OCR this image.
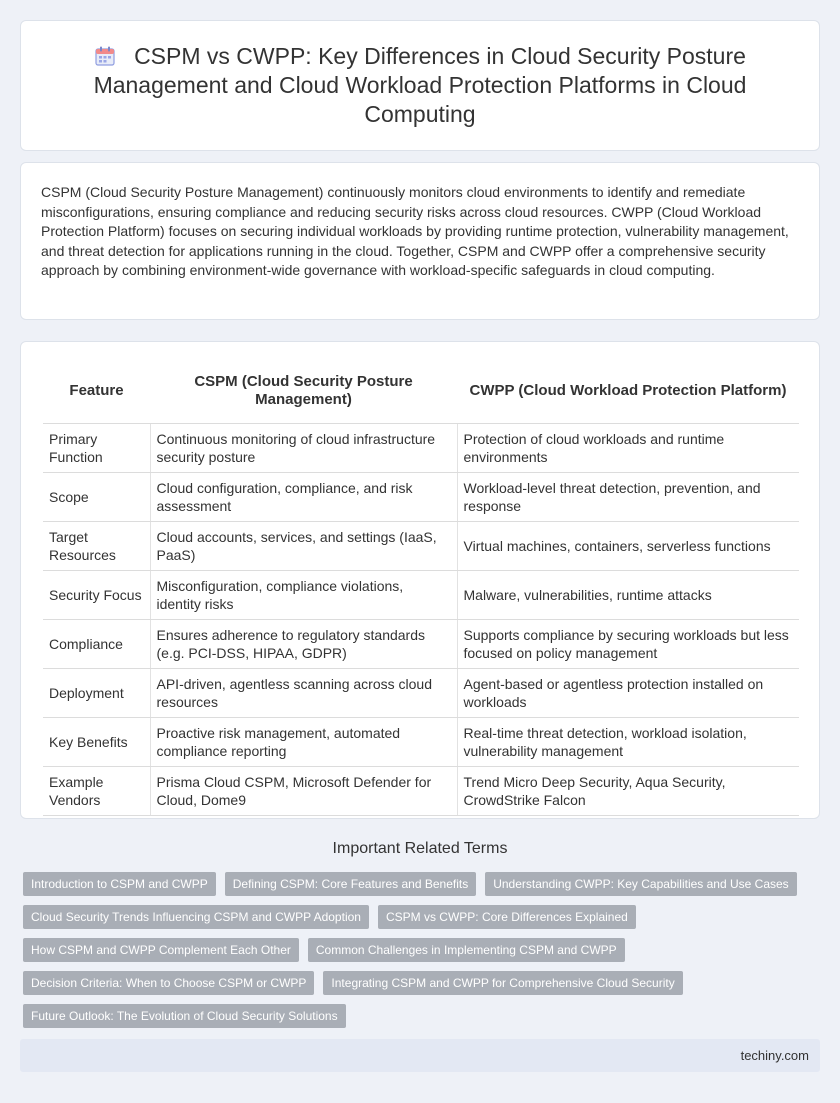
CSPM vs CWPP: Key Differences in Cloud Security Posture Management and Cloud Workload Protection Platforms in Cloud Computing

CSPM (Cloud Security Posture Management) continuously monitors cloud environments to identify and remediate misconfigurations, ensuring compliance and reducing security risks across cloud resources. CWPP (Cloud Workload Protection Platform) focuses on securing individual workloads by providing runtime protection, vulnerability management, and threat detection for applications running in the cloud. Together, CSPM and CWPP offer a comprehensive security approach by combining environment-wide governance with workload-specific safeguards in cloud computing.

Feature	CSPM (Cloud Security Posture Management)	CWPP (Cloud Workload Protection Platform)
Primary Function	Continuous monitoring of cloud infrastructure security posture	Protection of cloud workloads and runtime environments
Scope	Cloud configuration, compliance, and risk assessment	Workload-level threat detection, prevention, and response
Target Resources	Cloud accounts, services, and settings (IaaS, PaaS)	Virtual machines, containers, serverless functions
Security Focus	Misconfiguration, compliance violations, identity risks	Malware, vulnerabilities, runtime attacks
Compliance	Ensures adherence to regulatory standards (e.g. PCI-DSS, HIPAA, GDPR)	Supports compliance by securing workloads but less focused on policy management
Deployment	API-driven, agentless scanning across cloud resources	Agent-based or agentless protection installed on workloads
Key Benefits	Proactive risk management, automated compliance reporting	Real-time threat detection, workload isolation, vulnerability management
Example Vendors	Prisma Cloud CSPM, Microsoft Defender for Cloud, Dome9	Trend Micro Deep Security, Aqua Security, CrowdStrike Falcon
Important Related Terms
Introduction to CSPM and CWPP	Defining CSPM: Core Features and Benefits	Understanding CWPP: Key Capabilities and Use Cases
Cloud Security Trends Influencing CSPM and CWPP Adoption	CSPM vs CWPP: Core Differences Explained
How CSPM and CWPP Complement Each Other	Common Challenges in Implementing CSPM and CWPP
Decision Criteria: When to Choose CSPM or CWPP	Integrating CSPM and CWPP for Comprehensive Cloud Security
Future Outlook: The Evolution of Cloud Security Solutions
techiny.com
